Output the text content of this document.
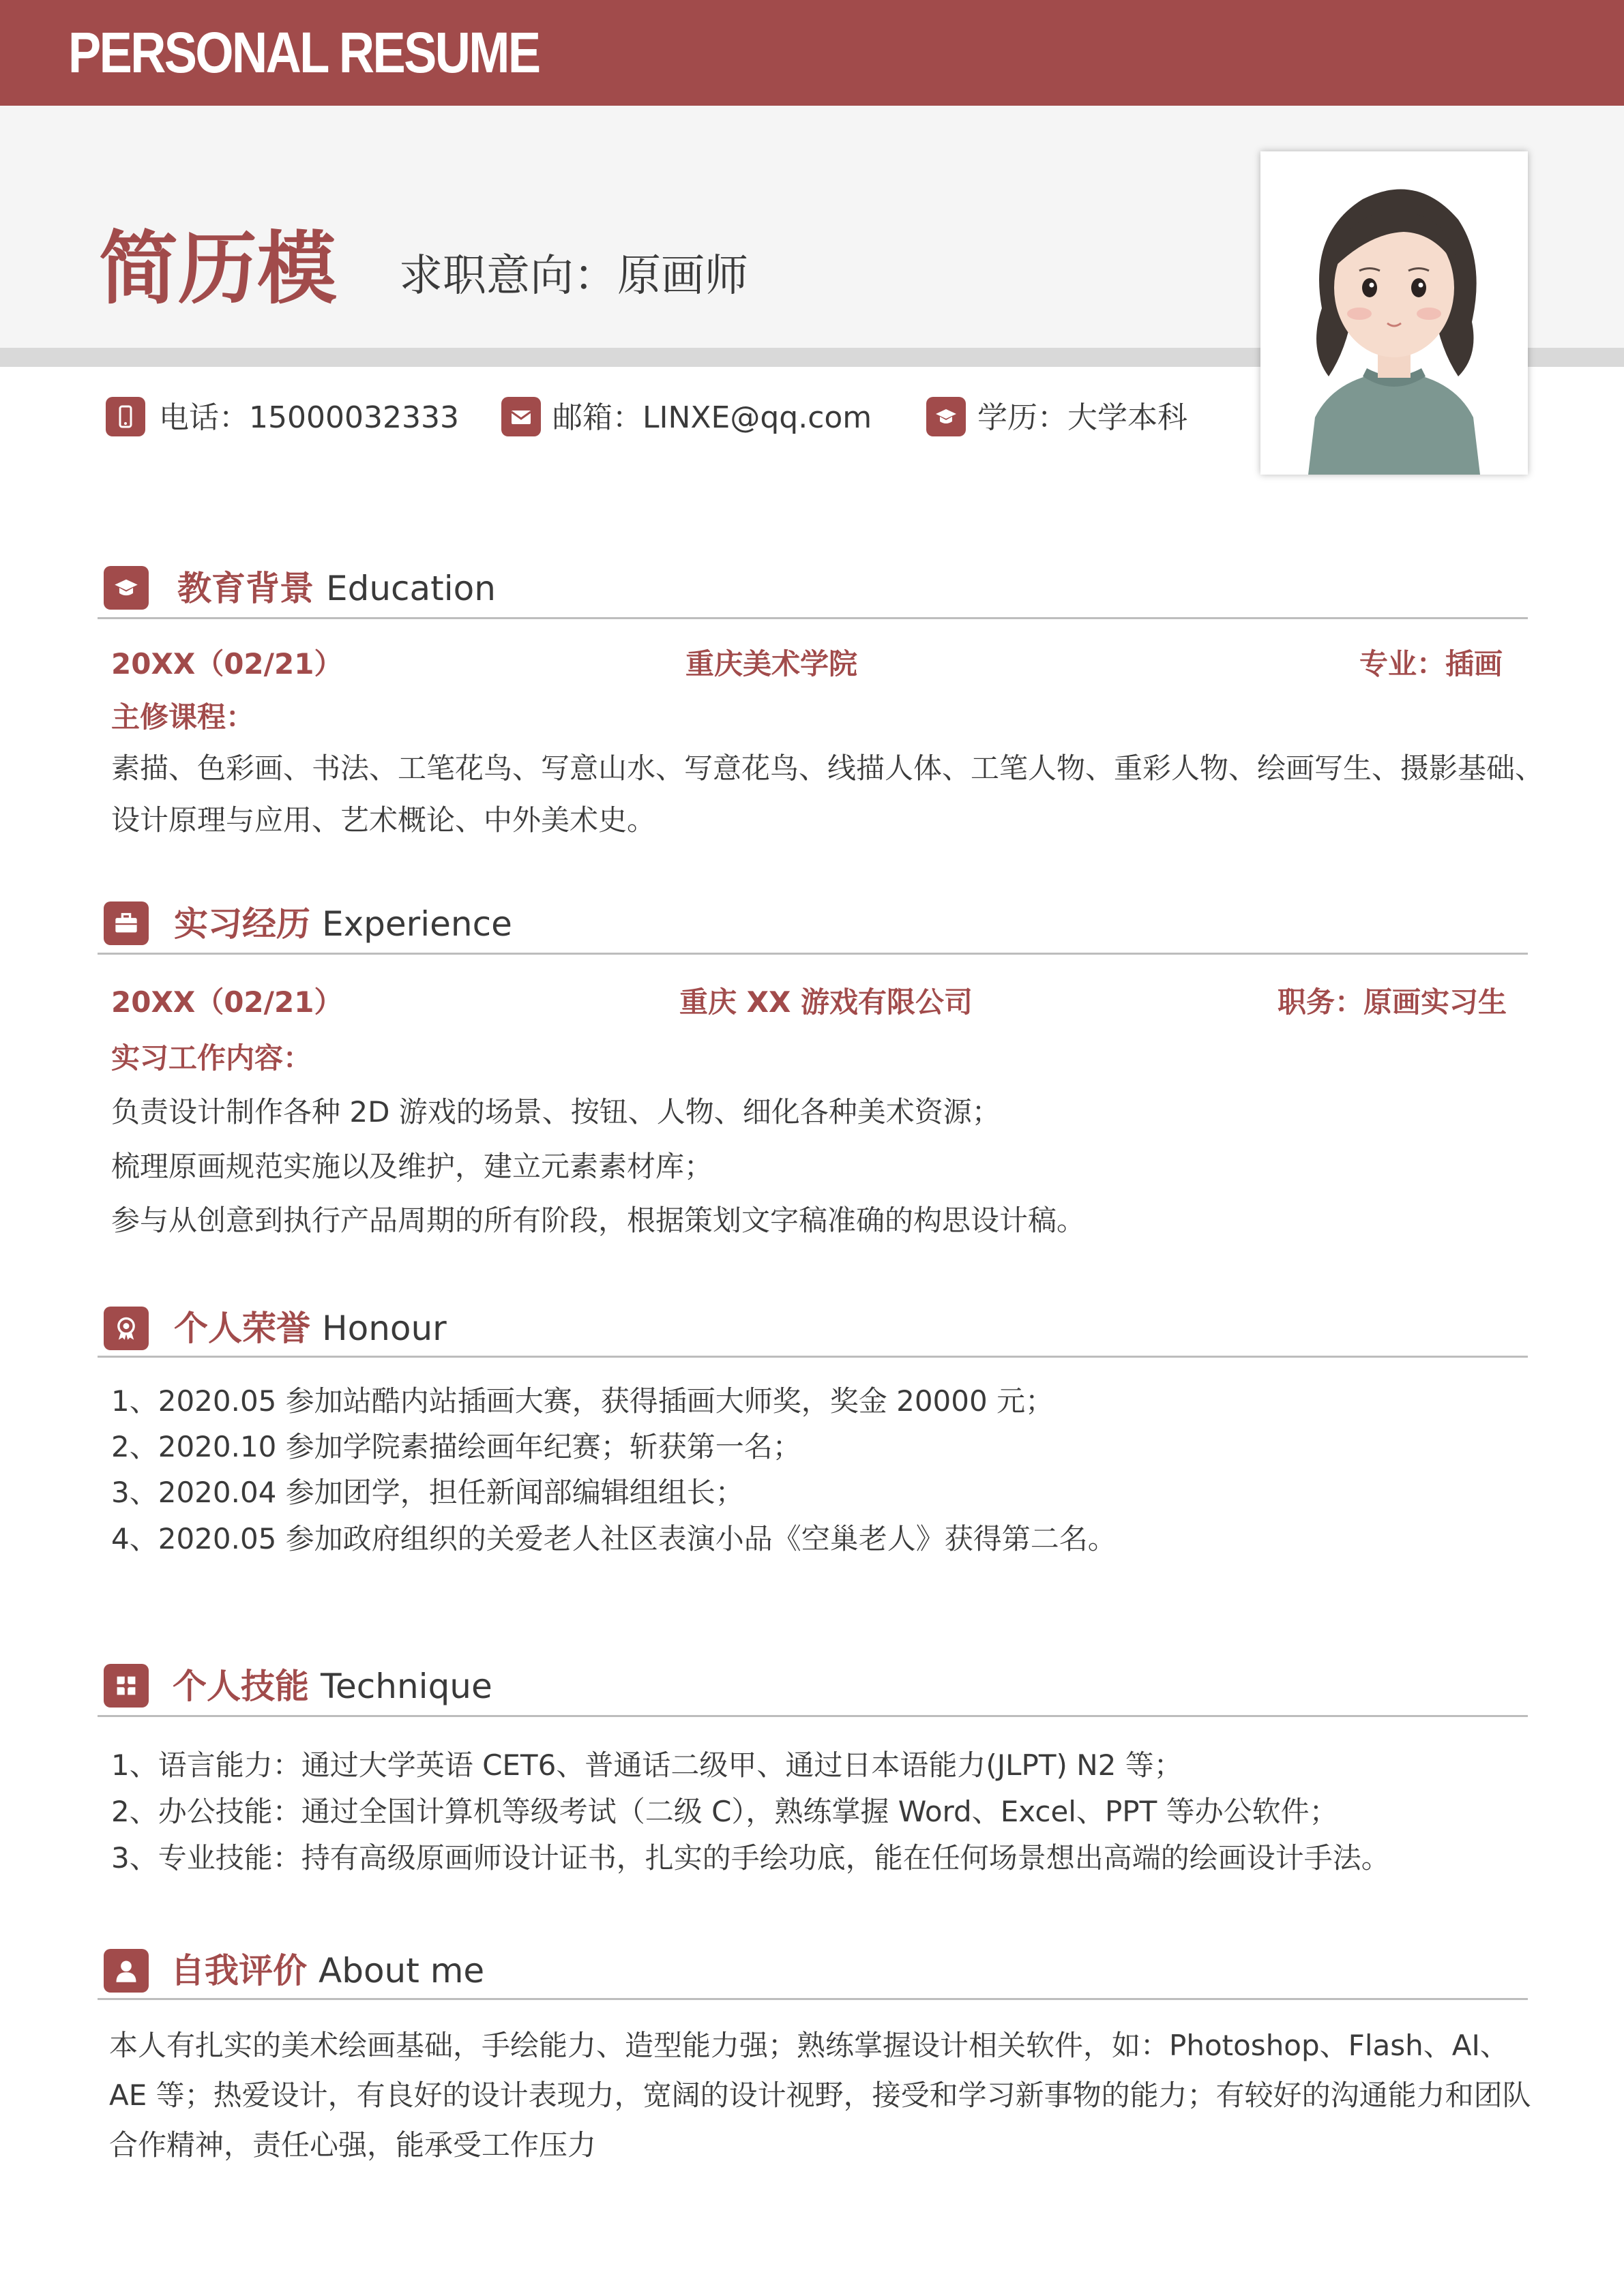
PERSONAL RESUME
简历模 求职意向：原画师
电话：15000032333	邮箱：LINXE@qq.com	学历：大学本科
教育背景 Education
20XX（02/21）	重庆美术学院	专业：插画
主修课程：
素描、色彩画、书法、工笔花鸟、写意山水、写意花鸟、线描人体、工笔人物、重彩人物、绘画写生、摄影基础、
设计原理与应用、艺术概论、中外美术史。
实习经历 Experience
20XX（02/21）	重庆 XX 游戏有限公司	职务：原画实习生
实习工作内容：
负责设计制作各种 2D 游戏的场景、按钮、人物、细化各种美术资源；
梳理原画规范实施以及维护，建立元素素材库；
参与从创意到执行产品周期的所有阶段，根据策划文字稿准确的构思设计稿。
个人荣誉 Honour
1、2020.05 参加站酷内站插画大赛，获得插画大师奖，奖金 20000 元；
2、2020.10 参加学院素描绘画年纪赛；斩获第一名；
3、2020.04 参加团学，担任新闻部编辑组组长；
4、2020.05 参加政府组织的关爱老人社区表演小品《空巢老人》获得第二名。
个人技能 Technique
1、语言能力：通过大学英语 CET6、普通话二级甲、通过日本语能力(JLPT) N2 等；
2、办公技能：通过全国计算机等级考试（二级 C），熟练掌握 Word、Excel、PPT 等办公软件；
3、专业技能：持有高级原画师设计证书，扎实的手绘功底，能在任何场景想出高端的绘画设计手法。
自我评价 About me
本人有扎实的美术绘画基础，手绘能力、造型能力强；熟练掌握设计相关软件，如：Photoshop、Flash、AI、
AE 等；热爱设计，有良好的设计表现力，宽阔的设计视野，接受和学习新事物的能力；有较好的沟通能力和团队
合作精神，责任心强，能承受工作压力
